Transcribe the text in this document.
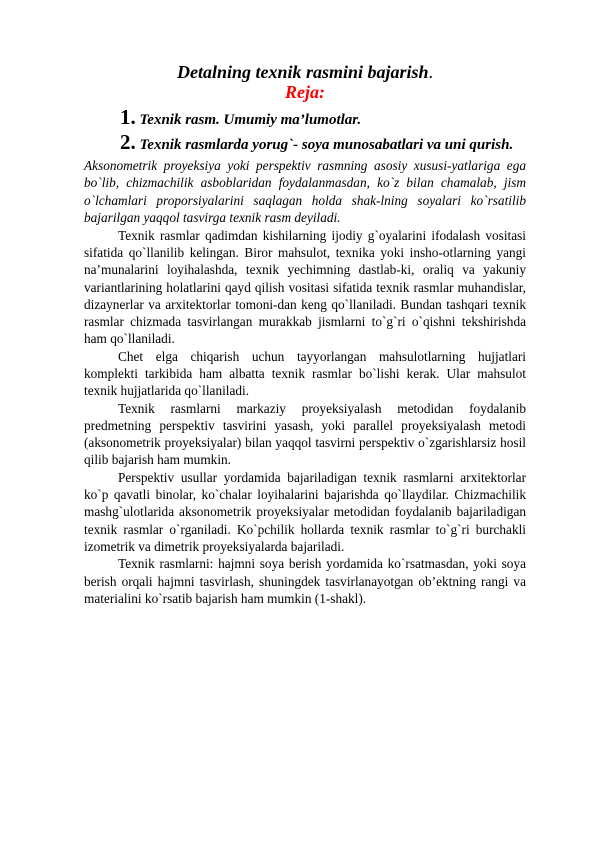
Detalning texnik rasmini bajarish.

Reja:

1. Texnik rasm. Umumiy ma’lumotlar.

2. Texnik rasmlarda yorug`- soya munosabatlari va uni qurish.

Aksonometrik proyeksiya yoki perspektiv rasmning asosiy xususi-yatlariga ega bo`lib, chizmachilik asboblaridan foydalanmasdan, ko`z bilan chamalab, jism o`lchamlari proporsiyalarini saqlagan holda shak-lning soyalari ko`rsatilib bajarilgan yaqqol tasvirga texnik rasm deyiladi.

Texnik rasmlar qadimdan kishilarning ijodiy g`oyalarini ifodalash vositasi sifatida qo`llanilib kelingan. Biror mahsulot, texnika yoki insho-otlarning yangi na’munalarini loyihalashda, texnik yechimning dastlab-ki, oraliq va yakuniy variantlarining holatlarini qayd qilish vositasi sifatida texnik rasmlar muhandislar, dizaynerlar va arxitektorlar tomoni-dan keng qo`llaniladi. Bundan tashqari texnik rasmlar chizmada tasvirlangan murakkab jismlarni to`g`ri o`qishni tekshirishda ham qo`llaniladi.

Chet elga chiqarish uchun tayyorlangan mahsulotlarning hujjatlari komplekti tarkibida ham albatta texnik rasmlar bo`lishi kerak. Ular mahsulot texnik hujjatlarida qo`llaniladi.

Texnik rasmlarni markaziy proyeksiyalash metodidan foydalanib predmetning perspektiv tasvirini yasash, yoki parallel proyeksiyalash metodi (aksonometrik proyeksiyalar) bilan yaqqol tasvirni perspektiv o`zgarishlarsiz hosil qilib bajarish ham mumkin.

Perspektiv usullar yordamida bajariladigan texnik rasmlarni arxitektorlar ko`p qavatli binolar, ko`chalar loyihalarini bajarishda qo`llaydilar. Chizmachilik mashg`ulotlarida aksonometrik proyeksiyalar metodidan foydalanib bajariladigan texnik rasmlar o`rganiladi. Ko`pchilik hollarda texnik rasmlar to`g`ri burchakli izometrik va dimetrik proyeksiyalarda bajariladi.

Texnik rasmlarni: hajmni soya berish yordamida ko`rsatmasdan, yoki soya berish orqali hajmni tasvirlash, shuningdek tasvirlanayotgan ob’ektning rangi va materialini ko`rsatib bajarish ham mumkin (1-shakl).
